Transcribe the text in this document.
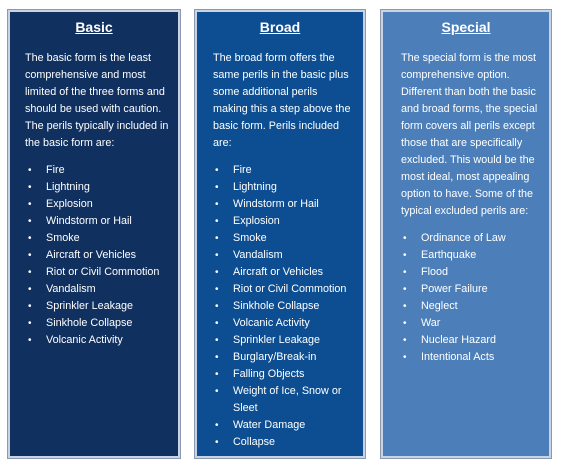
Basic
The basic form is the least comprehensive and most limited of the three forms and should be used with caution. The perils typically included in the basic form are:
• Fire
• Lightning
• Explosion
• Windstorm or Hail
• Smoke
• Aircraft or Vehicles
• Riot or Civil Commotion
• Vandalism
• Sprinkler Leakage
• Sinkhole Collapse
• Volcanic Activity
Broad
The broad form offers the same perils in the basic plus some additional perils making this a step above the basic form. Perils included are:
• Fire
• Lightning
• Windstorm or Hail
• Explosion
• Smoke
• Vandalism
• Aircraft or Vehicles
• Riot or Civil Commotion
• Sinkhole Collapse
• Volcanic Activity
• Sprinkler Leakage
• Burglary/Break-in
• Falling Objects
• Weight of Ice, Snow or Sleet
• Water Damage
• Collapse
Special
The special form is the most comprehensive option. Different than both the basic and broad forms, the special form covers all perils except those that are specifically excluded. This would be the most ideal, most appealing option to have. Some of the typical excluded perils are:
• Ordinance of Law
• Earthquake
• Flood
• Power Failure
• Neglect
• War
• Nuclear Hazard
• Intentional Acts
